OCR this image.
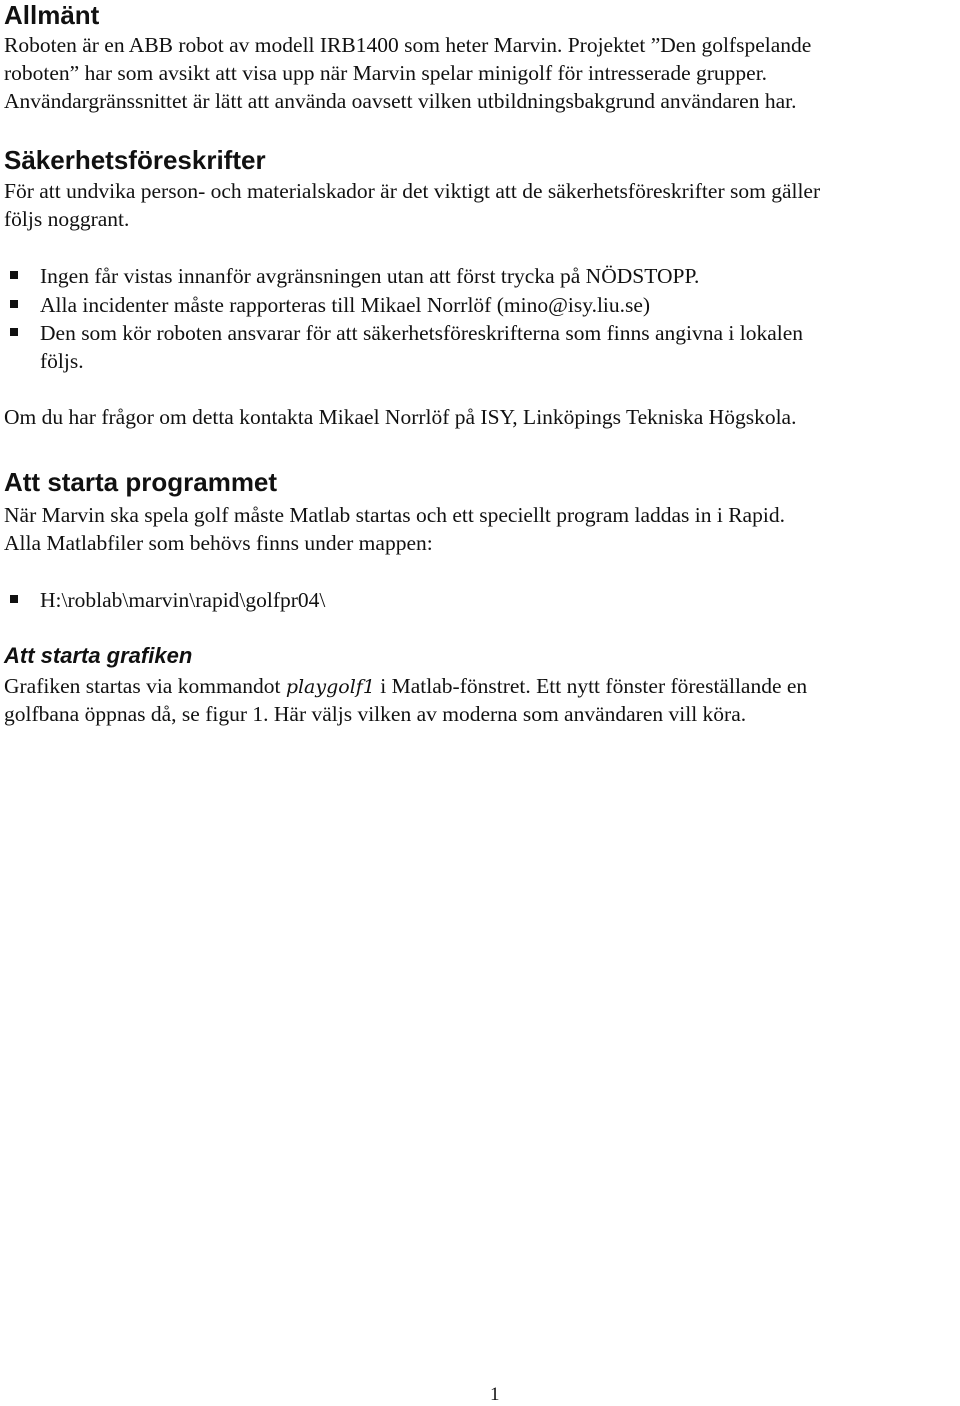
Allmänt
Roboten är en ABB robot av modell IRB1400 som heter Marvin. Projektet ”Den golfspelande
roboten” har som avsikt att visa upp när Marvin spelar minigolf för intresserade grupper.
Användargränssnittet är lätt att använda oavsett vilken utbildningsbakgrund användaren har.
Säkerhetsföreskrifter
För att undvika person- och materialskador är det viktigt att de säkerhetsföreskrifter som gäller
följs noggrant.
Ingen får vistas innanför avgränsningen utan att först trycka på NÖDSTOPP.
Alla incidenter måste rapporteras till Mikael Norrlöf (mino@isy.liu.se)
Den som kör roboten ansvarar för att säkerhetsföreskrifterna som finns angivna i lokalen
följs.
Om du har frågor om detta kontakta Mikael Norrlöf på ISY, Linköpings Tekniska Högskola.
Att starta programmet
När Marvin ska spela golf måste Matlab startas och ett speciellt program laddas in i Rapid.
Alla Matlabfiler som behövs finns under mappen:
H:\roblab\marvin\rapid\golfpr04\
Att starta grafiken
Grafiken startas via kommandot playgolf1 i Matlab-fönstret. Ett nytt fönster föreställande en
golfbana öppnas då, se figur 1. Här väljs vilken av moderna som användaren vill köra.
1
